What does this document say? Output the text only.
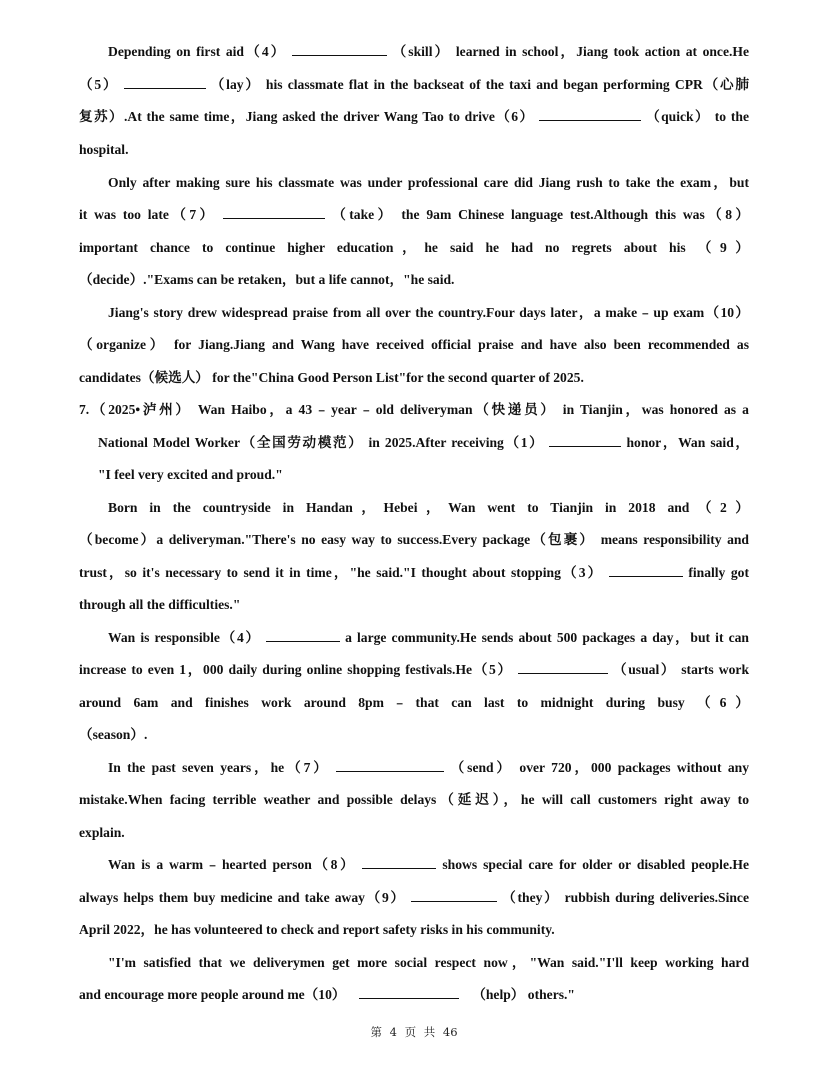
Depending on first aid（4）	（skill） learned in school，Jiang took action at once.He
（5）	（lay） his classmate flat in the backseat of the taxi and began performing CPR（心肺
复苏）.At the same time，Jiang asked the driver Wang Tao to drive（6）	（quick） to the
hospital.
Only after making sure his classmate was under professional care did Jiang rush to take the exam，but
it was too late（7）	（take） the 9am Chinese language test.Although this was（8）
important chance to continue higher education，he said he had no regrets about his （9）
（decide）."Exams can be retaken，but a life cannot，"he said.
Jiang's story drew widespread praise from all over the country.Four days later，a make﹣up exam（10）
（organize） for Jiang.Jiang and Wang have received official praise and have also been recommended as
candidates（候选人） for the"China Good Person List"for the second quarter of 2025.
7.（2025•泸州） Wan Haibo，a 43﹣year﹣old deliveryman（快递员） in Tianjin，was honored as a
National Model Worker（全国劳动模范） in 2025.After receiving（1）	honor，Wan said，
"I feel very excited and proud."
Born in the countryside in Handan，Hebei，Wan went to Tianjin in 2018 and（2）
（become）a deliveryman."There's no easy way to success.Every package（包裹） means responsibility and
trust，so it's necessary to send it in time，"he said."I thought about stopping（3）	finally got
through all the difficulties."
Wan is responsible（4）	a large community.He sends about 500 packages a day，but it can
increase to even 1，000 daily during online shopping festivals.He（5）	（usual） starts work
around 6am and finishes work around 8pm﹣that can last to midnight during busy （6）
（season）.
In the past seven years，he（7）	（send） over 720，000 packages without any
mistake.When facing terrible weather and possible delays（延迟），he will call customers right away to
explain.
Wan is a warm﹣hearted person（8）	shows special care for older or disabled people.He
always helps them buy medicine and take away（9）	（they） rubbish during deliveries.Since
April 2022，he has volunteered to check and report safety risks in his community.
"I'm satisfied that we deliverymen get more social respect now，"Wan said."I'll keep working hard
and encourage more people around me（10）	（help） others."
第 4 页 共 46
